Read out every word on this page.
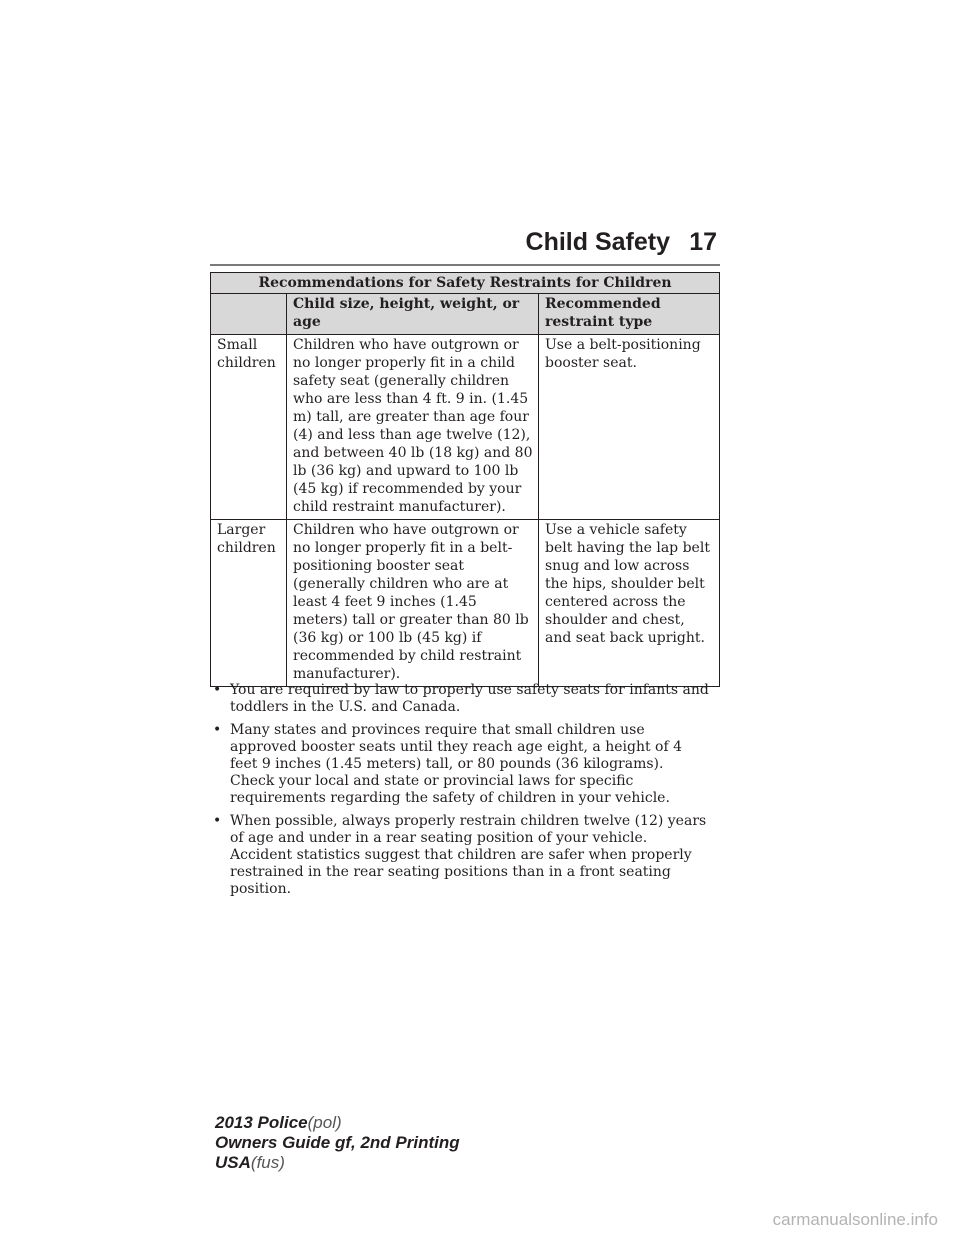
Child Safety 17
Recommendations for Safety Restraints for Children		
	Child size, height, weight, or age	Recommended restraint type
Small children	Children who have outgrown or no longer properly fit in a child safety seat (generally children who are less than 4 ft. 9 in. (1.45 m) tall, are greater than age four (4) and less than age twelve (12), and between 40 lb (18 kg) and 80 lb (36 kg) and upward to 100 lb (45 kg) if recommended by your child restraint manufacturer).	Use a belt-positioning booster seat.
Larger children	Children who have outgrown or no longer properly fit in a belt-positioning booster seat (generally children who are at least 4 feet 9 inches (1.45 meters) tall or greater than 80 lb (36 kg) or 100 lb (45 kg) if recommended by child restraint manufacturer).	Use a vehicle safety belt having the lap belt snug and low across the hips, shoulder belt centered across the shoulder and chest, and seat back upright.
• You are required by law to properly use safety seats for infants and toddlers in the U.S. and Canada.
• Many states and provinces require that small children use approved booster seats until they reach age eight, a height of 4 feet 9 inches (1.45 meters) tall, or 80 pounds (36 kilograms). Check your local and state or provincial laws for specific requirements regarding the safety of children in your vehicle.
• When possible, always properly restrain children twelve (12) years of age and under in a rear seating position of your vehicle. Accident statistics suggest that children are safer when properly restrained in the rear seating positions than in a front seating position.
2013 Police(pol)
Owners Guide gf, 2nd Printing
USA(fus)
carmanualsonline.info
